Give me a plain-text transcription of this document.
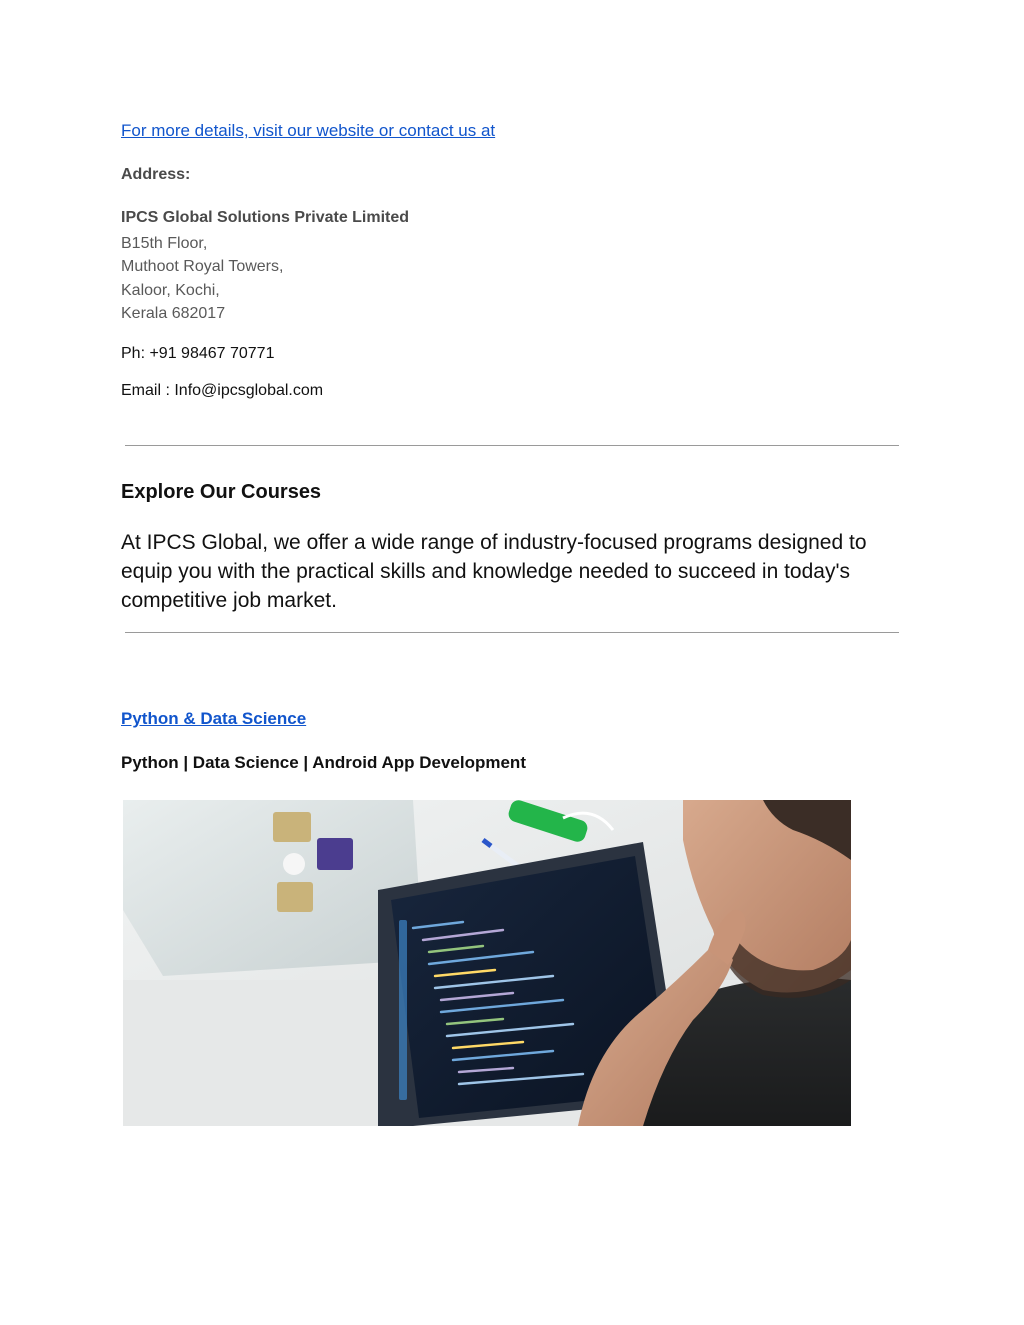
For more details, visit our website or contact us at

Address:

IPCS Global Solutions Private Limited

B15th Floor,
Muthoot Royal Towers,
Kaloor, Kochi,
Kerala 682017

Ph: +91 98467 70771

Email : Info@ipcsglobal.com

Explore Our Courses

At IPCS Global, we offer a wide range of industry-focused programs designed to equip you with the practical skills and knowledge needed to succeed in today's competitive job market.

Python & Data Science

Python | Data Science | Android App Development
